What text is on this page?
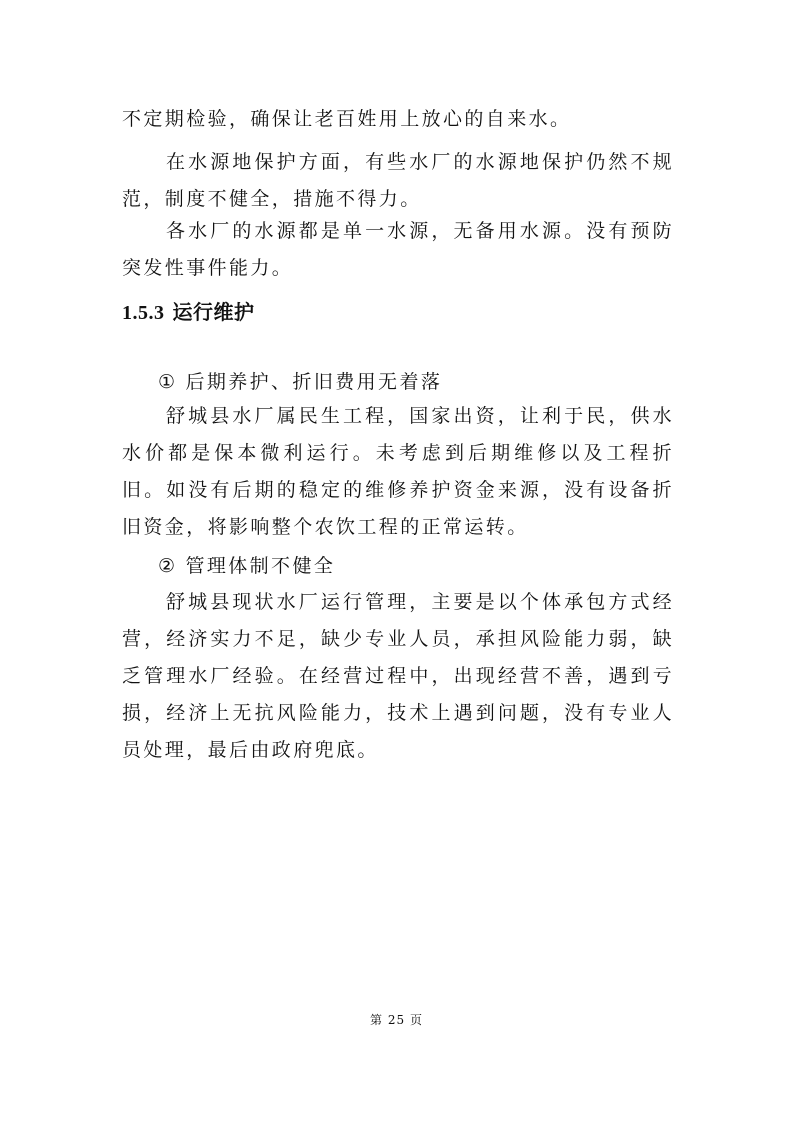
不定期检验，确保让老百姓用上放心的自来水。

在水源地保护方面，有些水厂的水源地保护仍然不规范，制度不健全，措施不得力。

各水厂的水源都是单一水源，无备用水源。没有预防突发性事件能力。

1.5.3 运行维护

① 后期养护、折旧费用无着落

舒城县水厂属民生工程，国家出资，让利于民，供水水价都是保本微利运行。未考虑到后期维修以及工程折旧。如没有后期的稳定的维修养护资金来源，没有设备折旧资金，将影响整个农饮工程的正常运转。

② 管理体制不健全

舒城县现状水厂运行管理，主要是以个体承包方式经营，经济实力不足，缺少专业人员，承担风险能力弱，缺乏管理水厂经验。在经营过程中，出现经营不善，遇到亏损，经济上无抗风险能力，技术上遇到问题，没有专业人员处理，最后由政府兜底。

第 25 页
